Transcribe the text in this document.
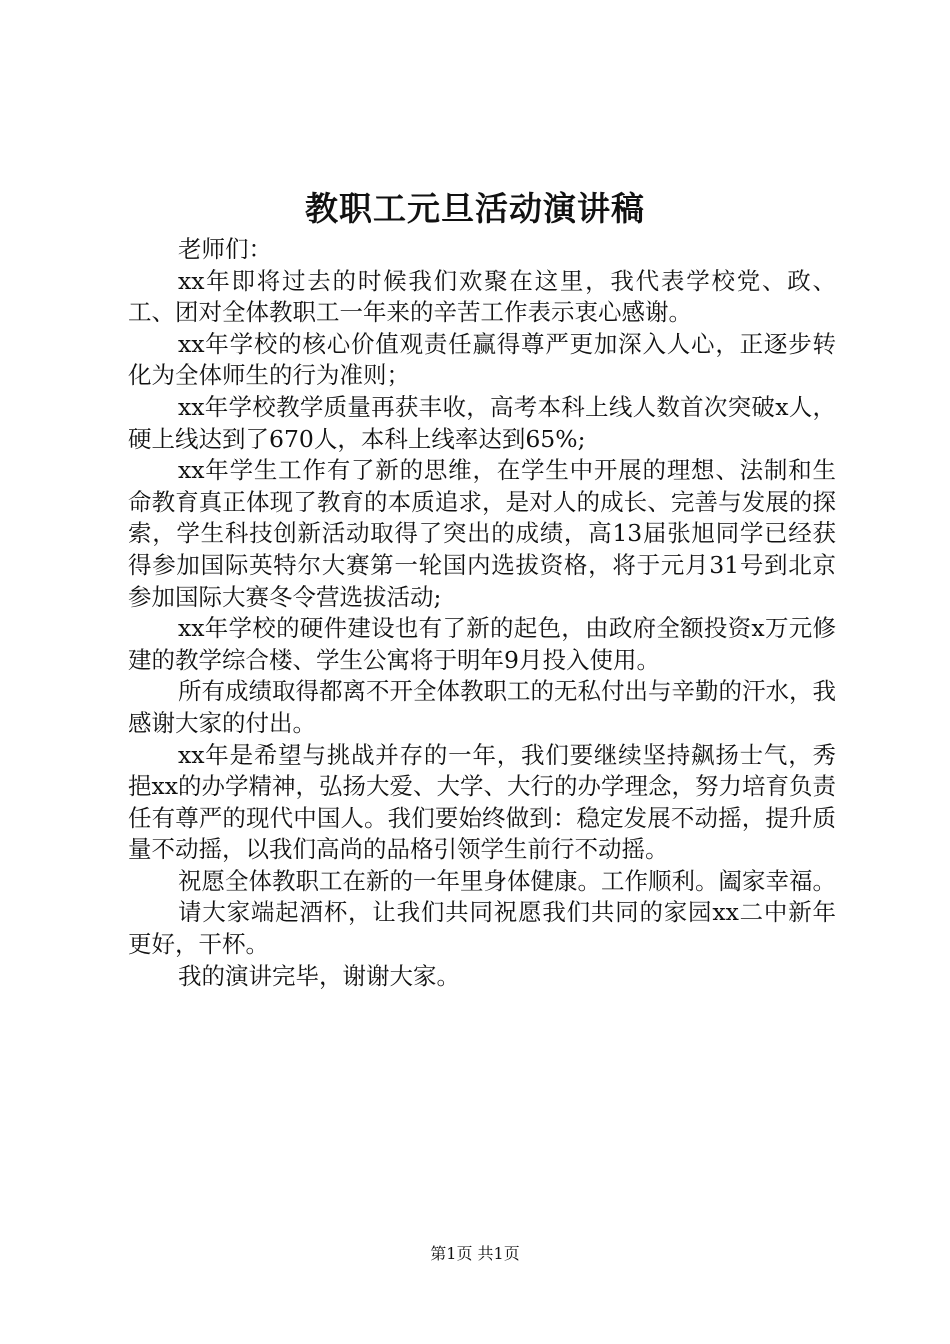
教职工元旦活动演讲稿

老师们：

xx年即将过去的时候我们欢聚在这里，我代表学校党、政、工、团对全体教职工一年来的辛苦工作表示衷心感谢。

xx年学校的核心价值观责任赢得尊严更加深入人心，正逐步转化为全体师生的行为准则；

xx年学校教学质量再获丰收，高考本科上线人数首次突破x人，硬上线达到了670人，本科上线率达到65%;

xx年学生工作有了新的思维，在学生中开展的理想、法制和生命教育真正体现了教育的本质追求，是对人的成长、完善与发展的探索，学生科技创新活动取得了突出的成绩，高13届张旭同学已经获得参加国际英特尔大赛第一轮国内选拔资格，将于元月31号到北京参加国际大赛冬令营选拔活动;

xx年学校的硬件建设也有了新的起色，由政府全额投资x万元修建的教学综合楼、学生公寓将于明年9月投入使用。

所有成绩取得都离不开全体教职工的无私付出与辛勤的汗水，我感谢大家的付出。

xx年是希望与挑战并存的一年，我们要继续坚持飙扬士气，秀挹xx的办学精神，弘扬大爱、大学、大行的办学理念，努力培育负责任有尊严的现代中国人。我们要始终做到：稳定发展不动摇，提升质量不动摇，以我们高尚的品格引领学生前行不动摇。

祝愿全体教职工在新的一年里身体健康。工作顺利。阖家幸福。

请大家端起酒杯，让我们共同祝愿我们共同的家园xx二中新年更好，干杯。

我的演讲完毕，谢谢大家。

第1页 共1页
